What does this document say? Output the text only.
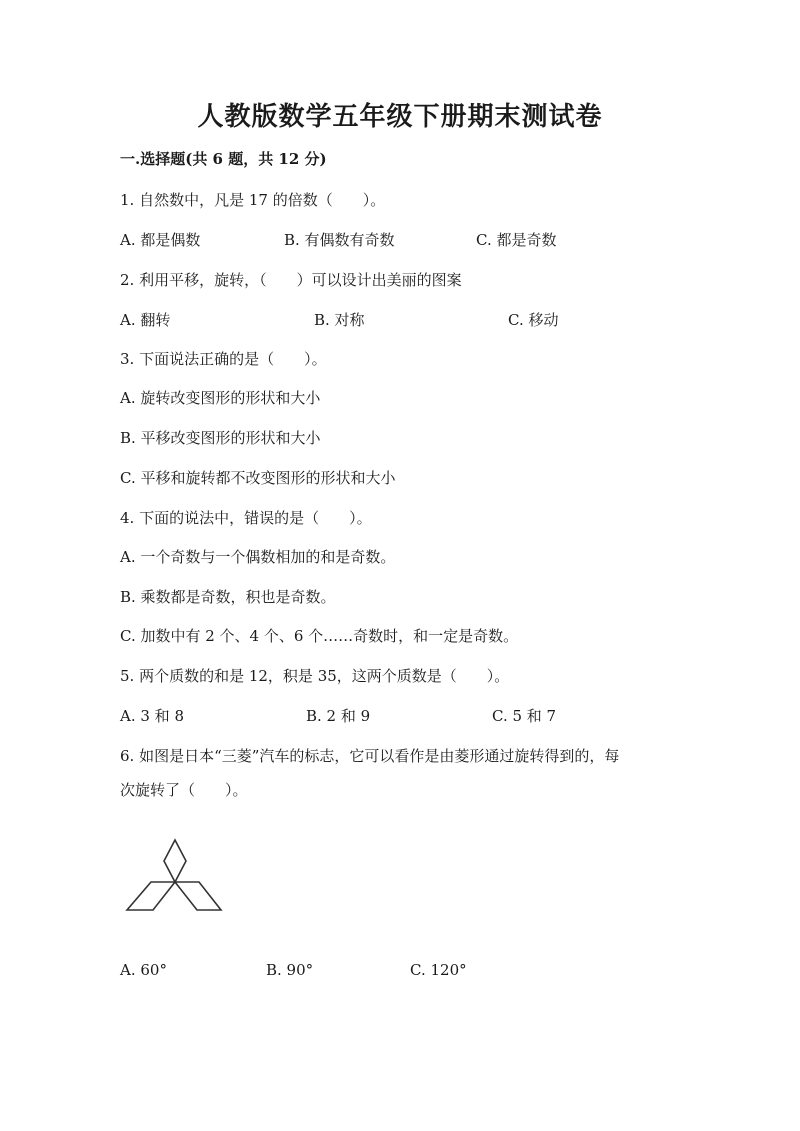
人教版数学五年级下册期末测试卷
一.选择题(共 6 题，共 12 分)
1. 自然数中，凡是 17 的倍数（　　）。
A. 都是偶数	B. 有偶数有奇数	C. 都是奇数
2. 利用平移，旋转，（　　）可以设计出美丽的图案
A. 翻转	B. 对称	C. 移动
3. 下面说法正确的是（　　）。
A. 旋转改变图形的形状和大小
B. 平移改变图形的形状和大小
C. 平移和旋转都不改变图形的形状和大小
4. 下面的说法中，错误的是（　　）。
A. 一个奇数与一个偶数相加的和是奇数。
B. 乘数都是奇数，积也是奇数。
C. 加数中有 2 个、4 个、6 个……奇数时，和一定是奇数。
5. 两个质数的和是 12，积是 35，这两个质数是（　　）。
A. 3 和 8	B. 2 和 9	C. 5 和 7
6. 如图是日本“三菱”汽车的标志，它可以看作是由菱形通过旋转得到的，每
次旋转了（　　）。
A. 60°	B. 90°	C. 120°
